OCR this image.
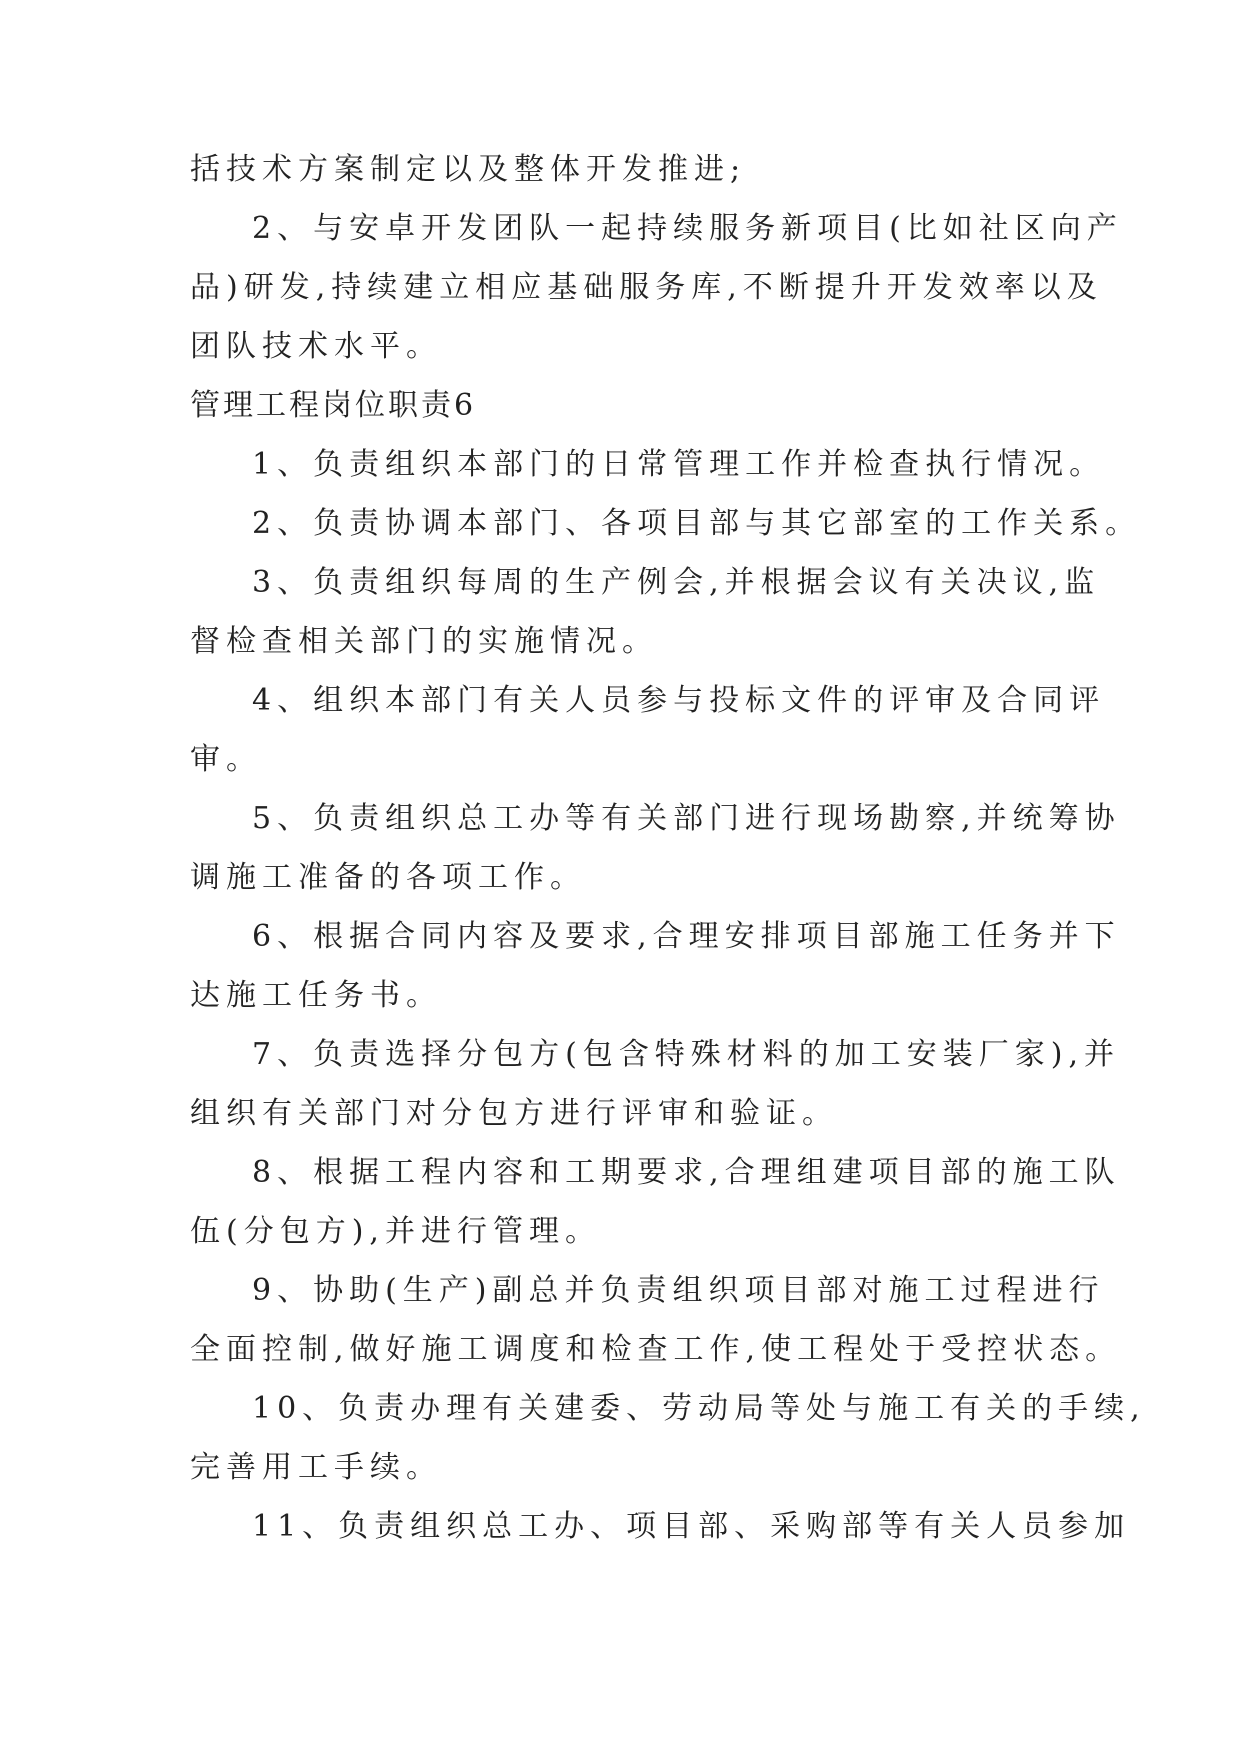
括技术方案制定以及整体开发推进;
2、与安卓开发团队一起持续服务新项目(比如社区向产
品)研发,持续建立相应基础服务库,不断提升开发效率以及
团队技术水平。
管理工程岗位职责6
1、负责组织本部门的日常管理工作并检查执行情况。
2、负责协调本部门、各项目部与其它部室的工作关系。
3、负责组织每周的生产例会,并根据会议有关决议,监
督检查相关部门的实施情况。
4、组织本部门有关人员参与投标文件的评审及合同评
审。
5、负责组织总工办等有关部门进行现场勘察,并统筹协
调施工准备的各项工作。
6、根据合同内容及要求,合理安排项目部施工任务并下
达施工任务书。
7、负责选择分包方(包含特殊材料的加工安装厂家),并
组织有关部门对分包方进行评审和验证。
8、根据工程内容和工期要求,合理组建项目部的施工队
伍(分包方),并进行管理。
9、协助(生产)副总并负责组织项目部对施工过程进行
全面控制,做好施工调度和检查工作,使工程处于受控状态。
10、负责办理有关建委、劳动局等处与施工有关的手续,
完善用工手续。
11、负责组织总工办、项目部、采购部等有关人员参加
